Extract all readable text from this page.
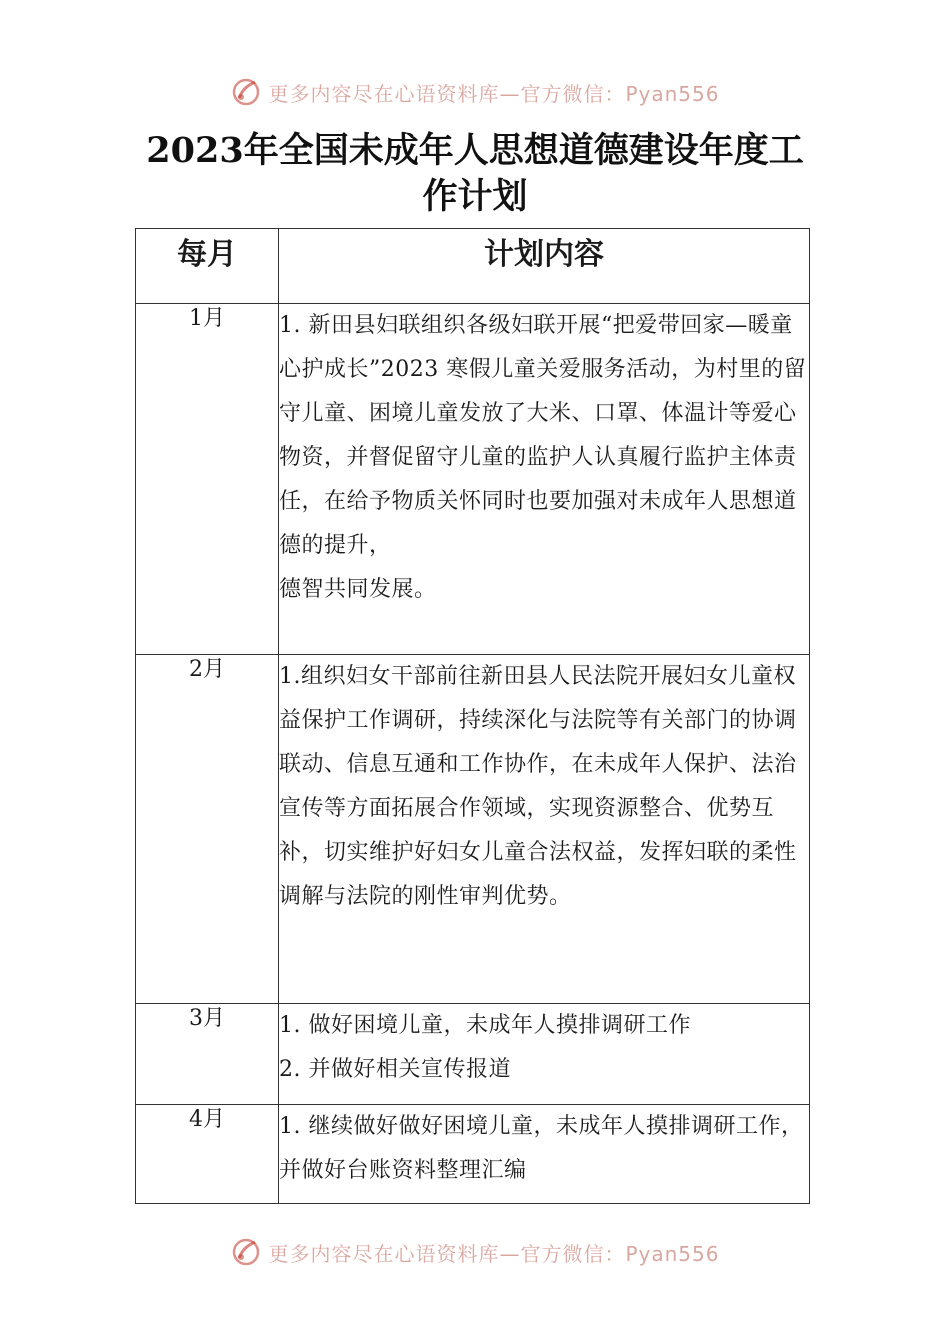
更多内容尽在心语资料库—官方微信：Pyan556
2023年全国未成年人思想道德建设年度工作计划
每月	计划内容
1月	1. 新田县妇联组织各级妇联开展“把爱带回家—暖童心护成长”2023 寒假儿童关爱服务活动，为村里的留守儿童、困境儿童发放了大米、口罩、体温计等爱心物资，并督促留守儿童的监护人认真履行监护主体责任，在给予物质关怀同时也要加强对未成年人思想道德的提升，
德智共同发展。

2月	1.组织妇女干部前往新田县人民法院开展妇女儿童权益保护工作调研，持续深化与法院等有关部门的协调联动、信息互通和工作协作，在未成年人保护、法治宣传等方面拓展合作领域，实现资源整合、优势互补，切实维护好妇女儿童合法权益，发挥妇联的柔性调解与法院的刚性审判优势。

3月	1. 做好困境儿童，未成年人摸排调研工作
2. 并做好相关宣传报道

4月	1. 继续做好做好困境儿童，未成年人摸排调研工作，并做好台账资料整理汇编
更多内容尽在心语资料库—官方微信：Pyan556
